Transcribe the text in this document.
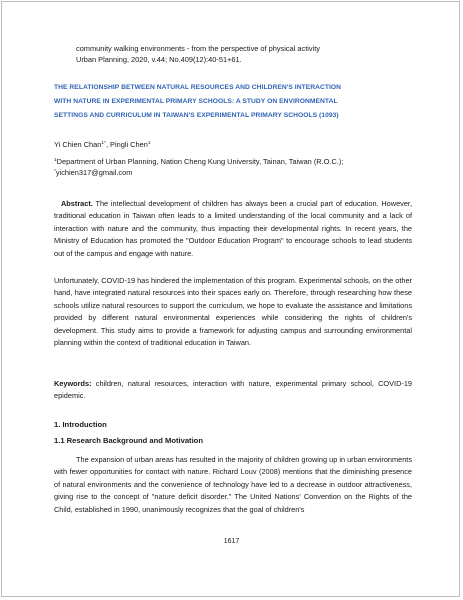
community walking environments - from the perspective of physical activity
Urban Planning, 2020, v.44; No.409(12):40-51+61.
THE RELATIONSHIP BETWEEN NATURAL RESOURCES AND CHILDREN'S INTERACTION
WITH NATURE IN EXPERIMENTAL PRIMARY SCHOOLS: A STUDY ON ENVIRONMENTAL
SETTINGS AND CURRICULUM IN TAIWAN'S EXPERIMENTAL PRIMARY SCHOOLS (1093)
Yi Chien Chan$^{1*}$, Pingli Chen$^1$
$^1$Department of Urban Planning, Nation Cheng Kung University, Tainan, Taiwan (R.O.C.);
*yichien317@gmail.com
Abstract. The intellectual development of children has always been a crucial part of education. However, traditional education in Taiwan often leads to a limited understanding of the local community and a lack of interaction with nature and the community, thus impacting their developmental rights. In recent years, the Ministry of Education has promoted the "Outdoor Education Program" to encourage schools to lead students out of the campus and engage with nature.
Unfortunately, COVID-19 has hindered the implementation of this program. Experimental schools, on the other hand, have integrated natural resources into their spaces early on. Therefore, through researching how these schools utilize natural resources to support the curriculum, we hope to evaluate the assistance and limitations provided by different natural environmental experiences while considering the rights of children's development. This study aims to provide a framework for adjusting campus and surrounding environmental planning within the context of traditional education in Taiwan.
Keywords: children, natural resources, interaction with nature, experimental primary school, COVID-19 epidemic.
1. Introduction
1.1 Research Background and Motivation
The expansion of urban areas has resulted in the majority of children growing up in urban environments with fewer opportunities for contact with nature. Richard Louv (2008) mentions that the diminishing presence of natural environments and the convenience of technology have led to a decrease in outdoor attractiveness, giving rise to the concept of "nature deficit disorder." The United Nations' Convention on the Rights of the Child, established in 1990, unanimously recognizes that the goal of children's
1617
